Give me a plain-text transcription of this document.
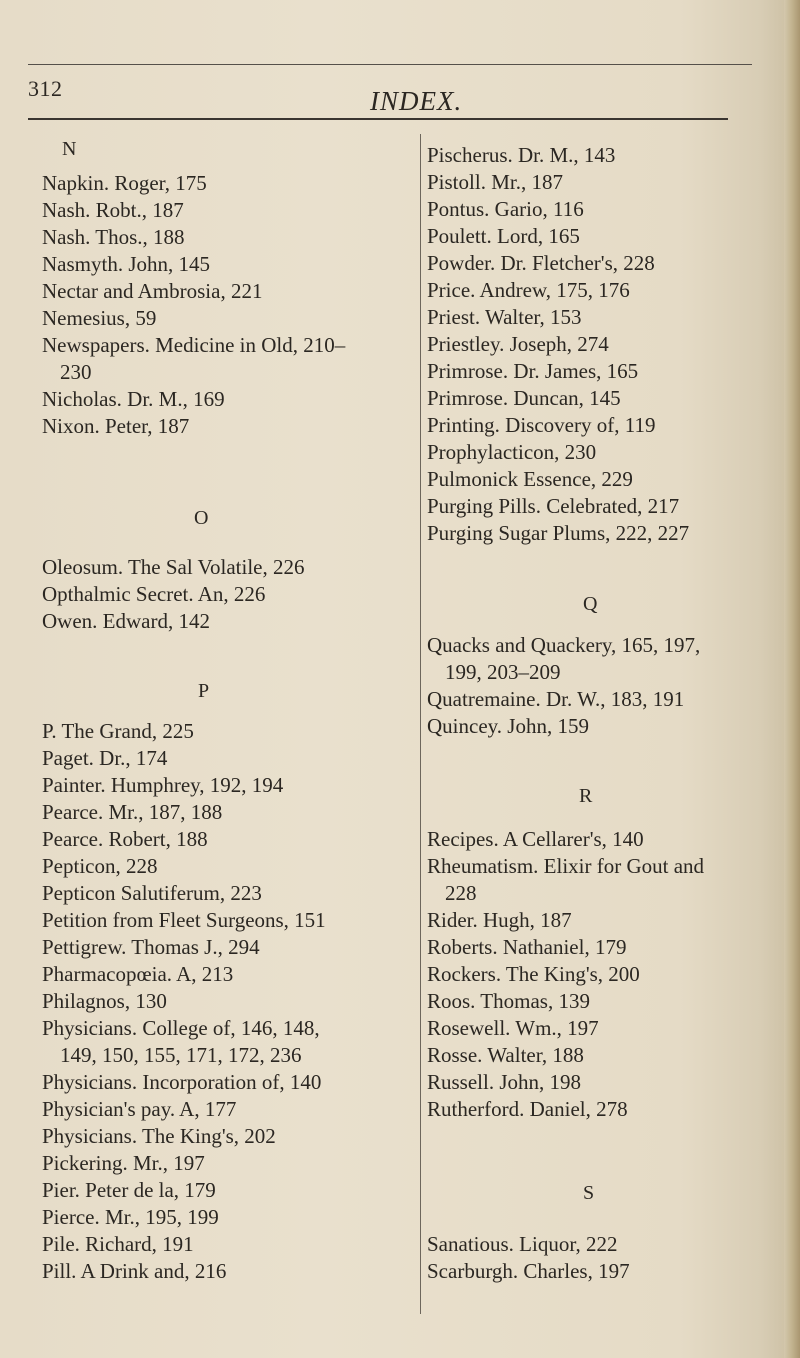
312	INDEX.
N
Napkin. Roger, 175
Nash. Robt., 187
Nash. Thos., 188
Nasmyth. John, 145
Nectar and Ambrosia, 221
Nemesius, 59
Newspapers. Medicine in Old, 210–
230
Nicholas. Dr. M., 169
Nixon. Peter, 187
O
Oleosum. The Sal Volatile, 226
Opthalmic Secret. An, 226
Owen. Edward, 142
P
P. The Grand, 225
Paget. Dr., 174
Painter. Humphrey, 192, 194
Pearce. Mr., 187, 188
Pearce. Robert, 188
Pepticon, 228
Pepticon Salutiferum, 223
Petition from Fleet Surgeons, 151
Pettigrew. Thomas J., 294
Pharmacopœia. A, 213
Philagnos, 130
Physicians. College of, 146, 148,
149, 150, 155, 171, 172, 236
Physicians. Incorporation of, 140
Physician's pay. A, 177
Physicians. The King's, 202
Pickering. Mr., 197
Pier. Peter de la, 179
Pierce. Mr., 195, 199
Pile. Richard, 191
Pill. A Drink and, 216
Pischerus. Dr. M., 143
Pistoll. Mr., 187
Pontus. Gario, 116
Poulett. Lord, 165
Powder. Dr. Fletcher's, 228
Price. Andrew, 175, 176
Priest. Walter, 153
Priestley. Joseph, 274
Primrose. Dr. James, 165
Primrose. Duncan, 145
Printing. Discovery of, 119
Prophylacticon, 230
Pulmonick Essence, 229
Purging Pills. Celebrated, 217
Purging Sugar Plums, 222, 227
Q
Quacks and Quackery, 165, 197,
199, 203–209
Quatremaine. Dr. W., 183, 191
Quincey. John, 159
R
Recipes. A Cellarer's, 140
Rheumatism. Elixir for Gout and
228
Rider. Hugh, 187
Roberts. Nathaniel, 179
Rockers. The King's, 200
Roos. Thomas, 139
Rosewell. Wm., 197
Rosse. Walter, 188
Russell. John, 198
Rutherford. Daniel, 278
S
Sanatious. Liquor, 222
Scarburgh. Charles, 197
